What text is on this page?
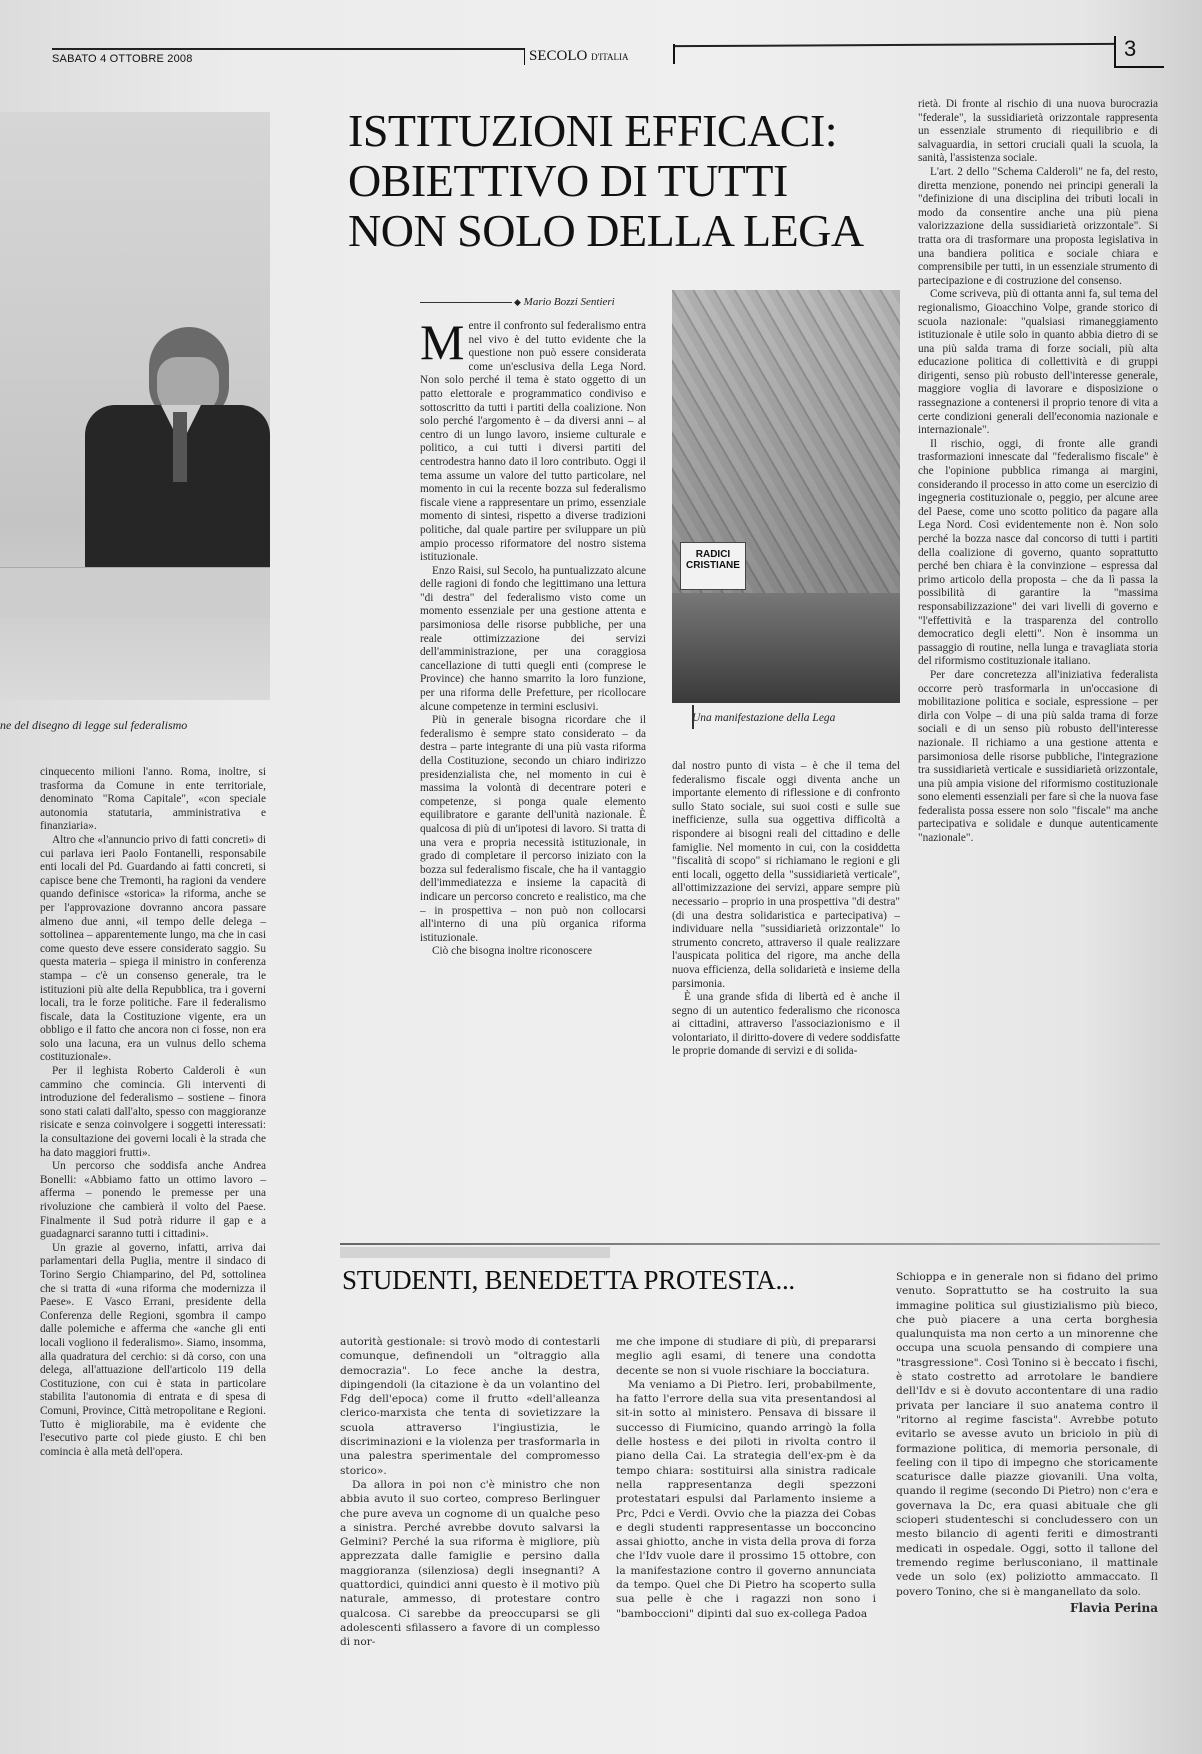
SABATO 4 OTTOBRE 2008	SECOLO D'ITALIA	3
ne del disegno di legge sul federalismo
ISTITUZIONI EFFICACI:
OBIETTIVO DI TUTTI
NON SOLO DELLA LEGA
◆ Mario Bozzi Sentieri

Mentre il confronto sul federalismo entra nel vivo è del tutto evidente che la questione non può essere considerata come un'esclusiva della Lega Nord. Non solo perché il tema è stato oggetto di un patto elettorale e programmatico condiviso e sottoscritto da tutti i partiti della coalizione. Non solo perché l'argomento è – da diversi anni – al centro di un lungo lavoro, insieme culturale e politico, a cui tutti i diversi partiti del centrodestra hanno dato il loro contributo. Oggi il tema assume un valore del tutto particolare, nel momento in cui la recente bozza sul federalismo fiscale viene a rappresentare un primo, essenziale momento di sintesi, rispetto a diverse tradizioni politiche, dal quale partire per sviluppare un più ampio processo riformatore del nostro sistema istituzionale.

Enzo Raisi, sul Secolo, ha puntualizzato alcune delle ragioni di fondo che legittimano una lettura "di destra" del federalismo visto come un momento essenziale per una gestione attenta e parsimoniosa delle risorse pubbliche, per una reale ottimizzazione dei servizi dell'amministrazione, per una coraggiosa cancellazione di tutti quegli enti (comprese le Province) che hanno smarrito la loro funzione, per una riforma delle Prefetture, per ricollocare alcune competenze in termini esclusivi.

Più in generale bisogna ricordare che il federalismo è sempre stato considerato – da destra – parte integrante di una più vasta riforma della Costituzione, secondo un chiaro indirizzo presidenzialista che, nel momento in cui è massima la volontà di decentrare poteri e competenze, si ponga quale elemento equilibratore e garante dell'unità nazionale. È qualcosa di più di un'ipotesi di lavoro. Si tratta di una vera e propria necessità istituzionale, in grado di completare il percorso iniziato con la bozza sul federalismo fiscale, che ha il vantaggio dell'immediatezza e insieme la capacità di indicare un percorso concreto e realistico, ma che – in prospettiva – non può non collocarsi all'interno di una più organica riforma istituzionale.

Ciò che bisogna inoltre riconoscere

RADICI CRISTIANE
Una manifestazione della Lega

dal nostro punto di vista – è che il tema del federalismo fiscale oggi diventa anche un importante elemento di riflessione e di confronto sullo Stato sociale, sui suoi costi e sulle sue inefficienze, sulla sua oggettiva difficoltà a rispondere ai bisogni reali del cittadino e delle famiglie. Nel momento in cui, con la cosiddetta "fiscalità di scopo" si richiamano le regioni e gli enti locali, oggetto della "sussidiarietà verticale", all'ottimizzazione dei servizi, appare sempre più necessario – proprio in una prospettiva "di destra" (di una destra solidaristica e partecipativa) – individuare nella "sussidiarietà orizzontale" lo strumento concreto, attraverso il quale realizzare l'auspicata politica del rigore, ma anche della nuova efficienza, della solidarietà e insieme della parsimonia.

È una grande sfida di libertà ed è anche il segno di un autentico federalismo che riconosca ai cittadini, attraverso l'associazionismo e il volontariato, il diritto-dovere di vedere soddisfatte le proprie domande di servizi e di solida-

rietà. Di fronte al rischio di una nuova burocrazia "federale", la sussidiarietà orizzontale rappresenta un essenziale strumento di riequilibrio e di salvaguardia, in settori cruciali quali la scuola, la sanità, l'assistenza sociale.

L'art. 2 dello "Schema Calderoli" ne fa, del resto, diretta menzione, ponendo nei principi generali la "definizione di una disciplina dei tributi locali in modo da consentire anche una più piena valorizzazione della sussidiarietà orizzontale". Si tratta ora di trasformare una proposta legislativa in una bandiera politica e sociale chiara e comprensibile per tutti, in un essenziale strumento di partecipazione e di costruzione del consenso.

Come scriveva, più di ottanta anni fa, sul tema del regionalismo, Gioacchino Volpe, grande storico di scuola nazionale: "qualsiasi rimaneggiamento istituzionale è utile solo in quanto abbia dietro di se una più salda trama di forze sociali, più alta educazione politica di collettività e di gruppi dirigenti, senso più robusto dell'interesse generale, maggiore voglia di lavorare e disposizione o rassegnazione a contenersi il proprio tenore di vita a certe condizioni generali dell'economia nazionale e internazionale".

Il rischio, oggi, di fronte alle grandi trasformazioni innescate dal "federalismo fiscale" è che l'opinione pubblica rimanga ai margini, considerando il processo in atto come un esercizio di ingegneria costituzionale o, peggio, per alcune aree del Paese, come uno scotto politico da pagare alla Lega Nord. Così evidentemente non è. Non solo perché la bozza nasce dal concorso di tutti i partiti della coalizione di governo, quanto soprattutto perché ben chiara è la convinzione – espressa dal primo articolo della proposta – che da lì passa la possibilità di garantire la "massima responsabilizzazione" dei vari livelli di governo e "l'effettività e la trasparenza del controllo democratico degli eletti". Non è insomma un passaggio di routine, nella lunga e travagliata storia del riformismo costituzionale italiano.

Per dare concretezza all'iniziativa federalista occorre però trasformarla in un'occasione di mobilitazione politica e sociale, espressione – per dirla con Volpe – di una più salda trama di forze sociali e di un senso più robusto dell'interesse nazionale. Il richiamo a una gestione attenta e parsimoniosa delle risorse pubbliche, l'integrazione tra sussidiarietà verticale e sussidiarietà orizzontale, una più ampia visione del riformismo costituzionale sono elementi essenziali per fare sì che la nuova fase federalista possa essere non solo "fiscale" ma anche partecipativa e solidale e dunque autenticamente "nazionale".

cinquecento milioni l'anno. Roma, inoltre, si trasforma da Comune in ente territoriale, denominato "Roma Capitale", «con speciale autonomia statutaria, amministrativa e finanziaria».

Altro che «l'annuncio privo di fatti concreti» di cui parlava ieri Paolo Fontanelli, responsabile enti locali del Pd. Guardando ai fatti concreti, si capisce bene che Tremonti, ha ragioni da vendere quando definisce «storica» la riforma, anche se per l'approvazione dovranno ancora passare almeno due anni, «il tempo delle delega – sottolinea – apparentemente lungo, ma che in casi come questo deve essere considerato saggio. Su questa materia – spiega il ministro in conferenza stampa – c'è un consenso generale, tra le istituzioni più alte della Repubblica, tra i governi locali, tra le forze politiche. Fare il federalismo fiscale, data la Costituzione vigente, era un obbligo e il fatto che ancora non ci fosse, non era solo una lacuna, era un vulnus dello schema costituzionale».

Per il leghista Roberto Calderoli è «un cammino che comincia. Gli interventi di introduzione del federalismo – sostiene – finora sono stati calati dall'alto, spesso con maggioranze risicate e senza coinvolgere i soggetti interessati: la consultazione dei governi locali è la strada che ha dato maggiori frutti».

Un percorso che soddisfa anche Andrea Bonelli: «Abbiamo fatto un ottimo lavoro – afferma – ponendo le premesse per una rivoluzione che cambierà il volto del Paese. Finalmente il Sud potrà ridurre il gap e a guadagnarci saranno tutti i cittadini».

Un grazie al governo, infatti, arriva dai parlamentari della Puglia, mentre il sindaco di Torino Sergio Chiamparino, del Pd, sottolinea che si tratta di «una riforma che modernizza il Paese». E Vasco Errani, presidente della Conferenza delle Regioni, sgombra il campo dalle polemiche e afferma che «anche gli enti locali vogliono il federalismo». Siamo, insomma, alla quadratura del cerchio: si dà corso, con una delega, all'attuazione dell'articolo 119 della Costituzione, con cui è stata in particolare stabilita l'autonomia di entrata e di spesa di Comuni, Province, Città metropolitane e Regioni. Tutto è migliorabile, ma è evidente che l'esecutivo parte col piede giusto. E chi ben comincia è alla metà dell'opera.

STUDENTI, BENEDETTA PROTESTA...

autorità gestionale: si trovò modo di contestarli comunque, definendoli un "oltraggio alla democrazia". Lo fece anche la destra, dipingendoli (la citazione è da un volantino del Fdg dell'epoca) come il frutto «dell'alleanza clerico-marxista che tenta di sovietizzare la scuola attraverso l'ingiustizia, le discriminazioni e la violenza per trasformarla in una palestra sperimentale del compromesso storico».

Da allora in poi non c'è ministro che non abbia avuto il suo corteo, compreso Berlinguer che pure aveva un cognome di un qualche peso a sinistra. Perché avrebbe dovuto salvarsi la Gelmini? Perché la sua riforma è migliore, più apprezzata dalle famiglie e persino dalla maggioranza (silenziosa) degli insegnanti? A quattordici, quindici anni questo è il motivo più naturale, ammesso, di protestare contro qualcosa. Ci sarebbe da preoccuparsi se gli adolescenti sfilassero a favore di un complesso di nor-

me che impone di studiare di più, di prepararsi meglio agli esami, di tenere una condotta decente se non si vuole rischiare la bocciatura.

Ma veniamo a Di Pietro. Ieri, probabilmente, ha fatto l'errore della sua vita presentandosi al sit-in sotto al ministero. Pensava di bissare il successo di Fiumicino, quando arringò la folla delle hostess e dei piloti in rivolta contro il piano della Cai. La strategia dell'ex-pm è da tempo chiara: sostituirsi alla sinistra radicale nella rappresentanza degli spezzoni protestatari espulsi dal Parlamento insieme a Prc, Pdci e Verdi. Ovvio che la piazza dei Cobas e degli studenti rappresentasse un bocconcino assai ghiotto, anche in vista della prova di forza che l'Idv vuole dare il prossimo 15 ottobre, con la manifestazione contro il governo annunciata da tempo. Quel che Di Pietro ha scoperto sulla sua pelle è che i ragazzi non sono i "bamboccioni" dipinti dal suo ex-collega Padoa

Schioppa e in generale non si fidano del primo venuto. Soprattutto se ha costruito la sua immagine politica sul giustizialismo più bieco, che può piacere a una certa borghesia qualunquista ma non certo a un minorenne che occupa una scuola pensando di compiere una "trasgressione". Così Tonino si è beccato i fischi, è stato costretto ad arrotolare le bandiere dell'Idv e si è dovuto accontentare di una radio privata per lanciare il suo anatema contro il "ritorno al regime fascista". Avrebbe potuto evitarlo se avesse avuto un briciolo in più di formazione politica, di memoria personale, di feeling con il tipo di impegno che storicamente scaturisce dalle piazze giovanili. Una volta, quando il regime (secondo Di Pietro) non c'era e governava la Dc, era quasi abituale che gli scioperi studenteschi si concludessero con un mesto bilancio di agenti feriti e dimostranti medicati in ospedale. Oggi, sotto il tallone del tremendo regime berlusconiano, il mattinale vede un solo (ex) poliziotto ammaccato. Il povero Tonino, che si è manganellato da solo.

Flavia Perina
